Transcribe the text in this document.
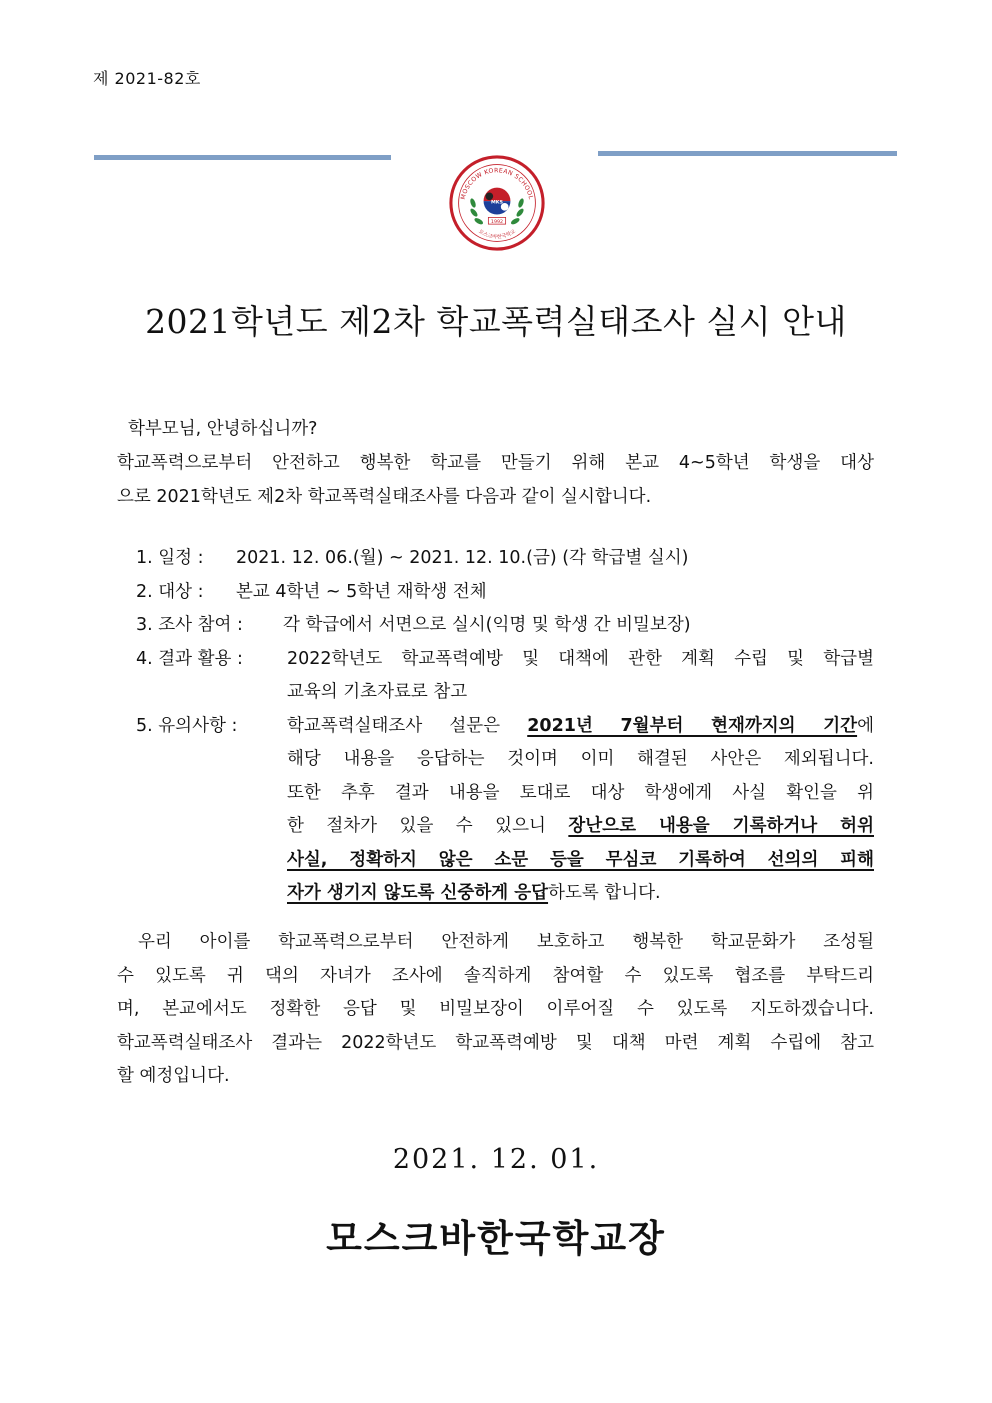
제 2021-82호
MOSCOW KOREAN SCHOOL
MKS
1992
모스크바한국학교
2021학년도 제2차 학교폭력실태조사 실시 안내
학부모님, 안녕하십니까?
학교폭력으로부터 안전하고 행복한 학교를 만들기 위해 본교 4~5학년 학생을 대상
으로 2021학년도 제2차 학교폭력실태조사를 다음과 같이 실시합니다.
1. 일정 : 2021. 12. 06.(월) ~ 2021. 12. 10.(금) (각 학급별 실시)
2. 대상 : 본교 4학년 ~ 5학년 재학생 전체
3. 조사 참여 : 각 학급에서 서면으로 실시(익명 및 학생 간 비밀보장)
4. 결과 활용 :	2022학년도 학교폭력예방 및 대책에 관한 계획 수립 및 학급별
교육의 기초자료로 참고
5. 유의사항 :	학교폭력실태조사 설문은 2021년 7월부터 현재까지의 기간에
해당 내용을 응답하는 것이며 이미 해결된 사안은 제외됩니다.
또한 추후 결과 내용을 토대로 대상 학생에게 사실 확인을 위
한 절차가 있을 수 있으니 장난으로 내용을 기록하거나 허위
사실, 정확하지 않은 소문 등을 무심코 기록하여 선의의 피해
자가 생기지 않도록 신중하게 응답하도록 합니다.
우리 아이를 학교폭력으로부터 안전하게 보호하고 행복한 학교문화가 조성될
수 있도록 귀 댁의 자녀가 조사에 솔직하게 참여할 수 있도록 협조를 부탁드리
며, 본교에서도 정확한 응답 및 비밀보장이 이루어질 수 있도록 지도하겠습니다.
학교폭력실태조사 결과는 2022학년도 학교폭력예방 및 대책 마련 계획 수립에 참고
할 예정입니다.
2021. 12. 01.
모스크바한국학교장
